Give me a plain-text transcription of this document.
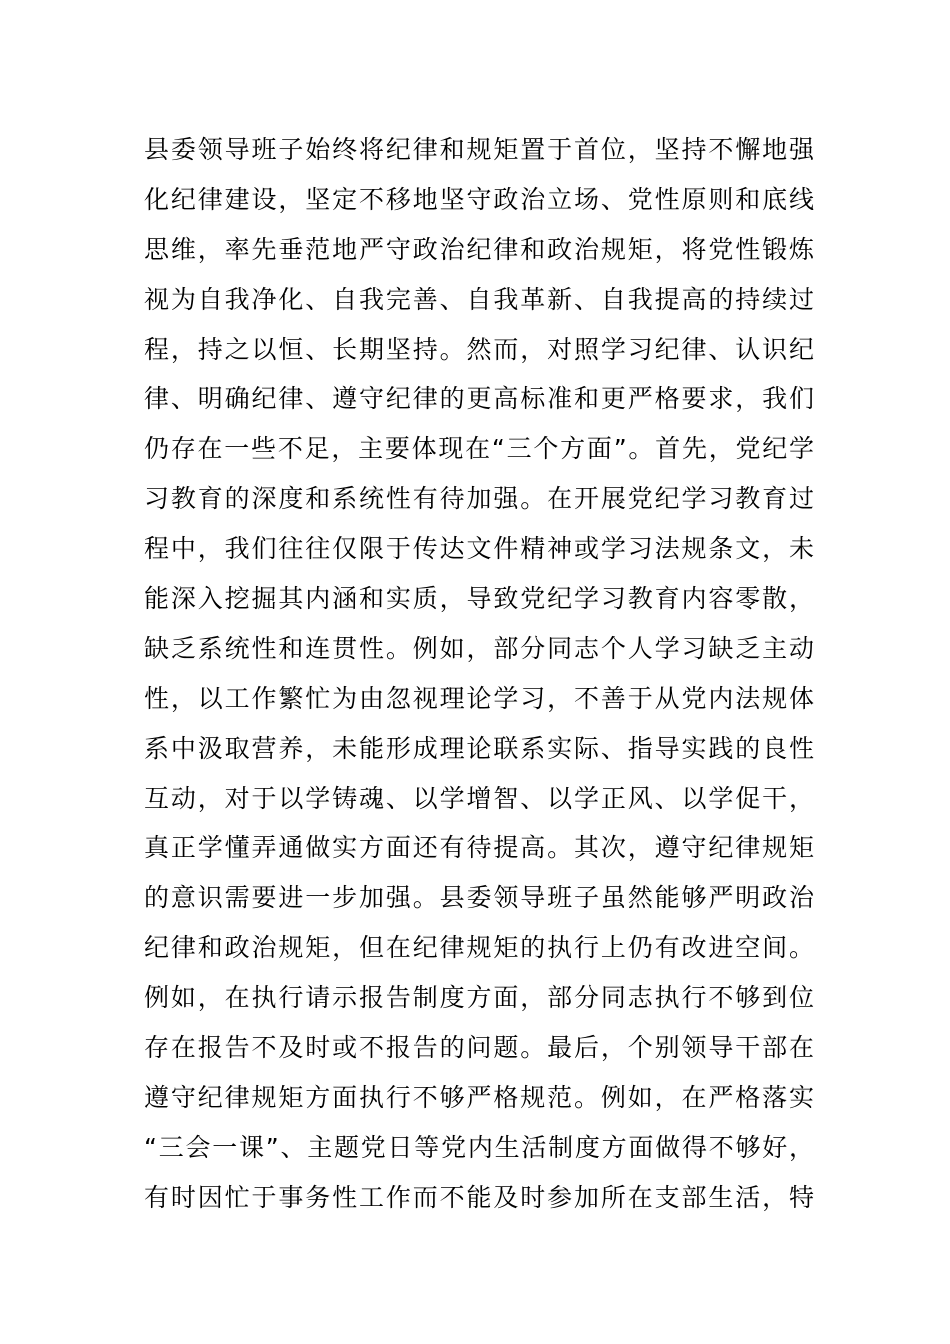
县委领导班子始终将纪律和规矩置于首位，坚持不懈地强
化纪律建设，坚定不移地坚守政治立场、党性原则和底线
思维，率先垂范地严守政治纪律和政治规矩，将党性锻炼
视为自我净化、自我完善、自我革新、自我提高的持续过
程，持之以恒、长期坚持。然而，对照学习纪律、认识纪
律、明确纪律、遵守纪律的更高标准和更严格要求，我们
仍存在一些不足，主要体现在“三个方面”。首先，党纪学
习教育的深度和系统性有待加强。在开展党纪学习教育过
程中，我们往往仅限于传达文件精神或学习法规条文，未
能深入挖掘其内涵和实质，导致党纪学习教育内容零散，
缺乏系统性和连贯性。例如，部分同志个人学习缺乏主动
性，以工作繁忙为由忽视理论学习，不善于从党内法规体
系中汲取营养，未能形成理论联系实际、指导实践的良性
互动，对于以学铸魂、以学增智、以学正风、以学促干，
真正学懂弄通做实方面还有待提高。其次，遵守纪律规矩
的意识需要进一步加强。县委领导班子虽然能够严明政治
纪律和政治规矩，但在纪律规矩的执行上仍有改进空间。
例如，在执行请示报告制度方面，部分同志执行不够到位
存在报告不及时或不报告的问题。最后，个别领导干部在
遵守纪律规矩方面执行不够严格规范。例如，在严格落实
“三会一课”、主题党日等党内生活制度方面做得不够好，
有时因忙于事务性工作而不能及时参加所在支部生活，特
